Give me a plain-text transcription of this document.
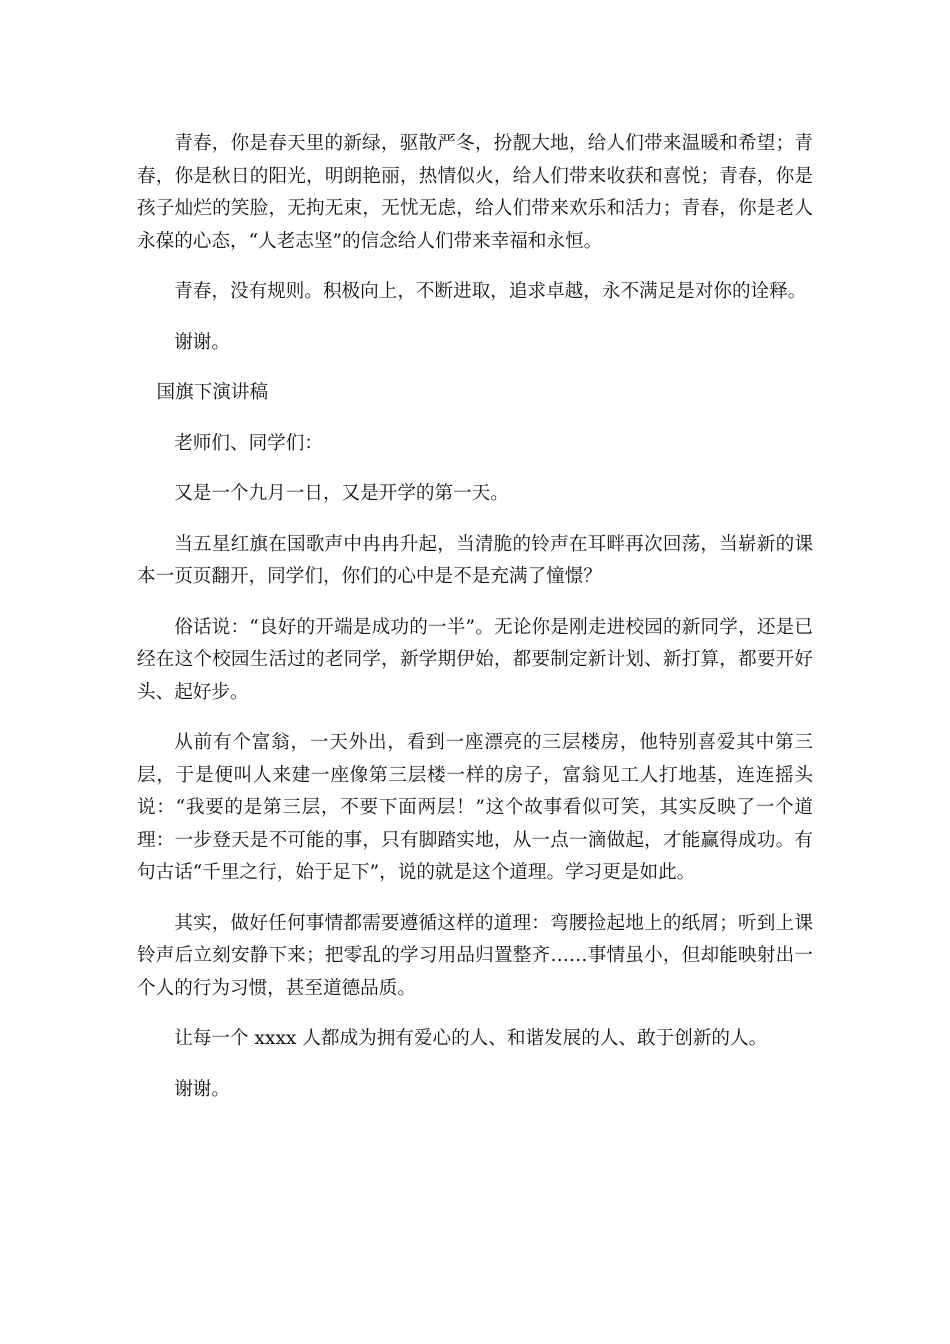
青春，你是春天里的新绿，驱散严冬，扮靓大地，给人们带来温暖和希望；青春，你是秋日的阳光，明朗艳丽，热情似火，给人们带来收获和喜悦；青春，你是孩子灿烂的笑脸，无拘无束，无忧无虑，给人们带来欢乐和活力；青春，你是老人永葆的心态，“人老志坚”的信念给人们带来幸福和永恒。

青春，没有规则。积极向上，不断进取，追求卓越，永不满足是对你的诠释。

谢谢。

国旗下演讲稿

老师们、同学们：

又是一个九月一日，又是开学的第一天。

当五星红旗在国歌声中冉冉升起，当清脆的铃声在耳畔再次回荡，当崭新的课本一页页翻开，同学们，你们的心中是不是充满了憧憬？

俗话说：“良好的开端是成功的一半”。无论你是刚走进校园的新同学，还是已经在这个校园生活过的老同学，新学期伊始，都要制定新计划、新打算，都要开好头、起好步。

从前有个富翁，一天外出，看到一座漂亮的三层楼房，他特别喜爱其中第三层，于是便叫人来建一座像第三层楼一样的房子，富翁见工人打地基，连连摇头说：“我要的是第三层，不要下面两层！”这个故事看似可笑，其实反映了一个道理：一步登天是不可能的事，只有脚踏实地，从一点一滴做起，才能赢得成功。有句古话“千里之行，始于足下”，说的就是这个道理。学习更是如此。

其实，做好任何事情都需要遵循这样的道理：弯腰捡起地上的纸屑；听到上课铃声后立刻安静下来；把零乱的学习用品归置整齐……事情虽小，但却能映射出一个人的行为习惯，甚至道德品质。

让每一个 xxxx 人都成为拥有爱心的人、和谐发展的人、敢于创新的人。

谢谢。
